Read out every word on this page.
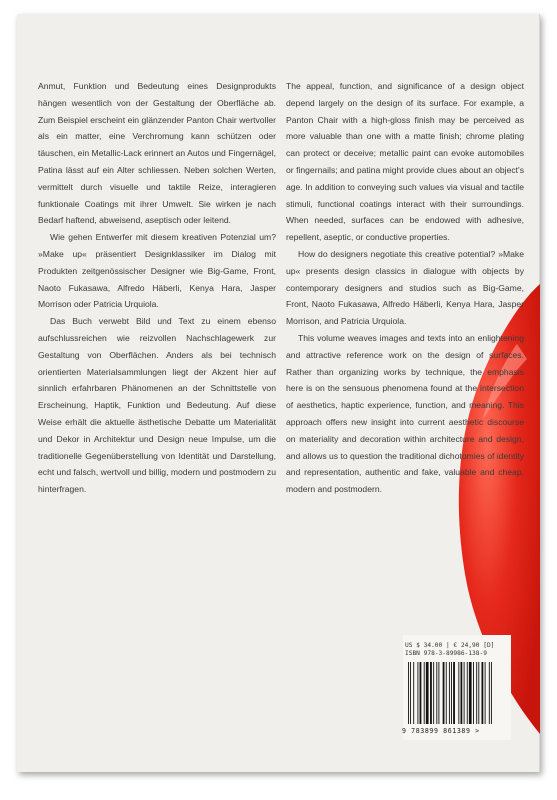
Anmut, Funktion und Bedeutung eines Designprodukts hängen wesentlich von der Gestaltung der Oberfläche ab. Zum Beispiel erscheint ein glänzender Panton Chair wertvoller als ein matter, eine Verchromung kann schützen oder täuschen, ein Metallic-Lack erinnert an Autos und Fingernägel, Patina lässt auf ein Alter schliessen. Neben solchen Werten, vermittelt durch visuelle und taktile Reize, interagieren funktionale Coatings mit ihrer Umwelt. Sie wirken je nach Bedarf haftend, abweisend, aseptisch oder leitend.

Wie gehen Entwerfer mit diesem kreativen Potenzial um? »Make up« präsentiert Designklassiker im Dialog mit Produkten zeitgenössischer Designer wie Big-Game, Front, Naoto Fukasawa, Alfredo Häberli, Kenya Hara, Jasper Morrison oder Patricia Urquiola.

Das Buch verwebt Bild und Text zu einem ebenso aufschlussreichen wie reizvollen Nachschlagewerk zur Gestaltung von Oberflächen. Anders als bei technisch orientierten Materialsammlungen liegt der Akzent hier auf sinnlich erfahrbaren Phänomenen an der Schnittstelle von Erscheinung, Haptik, Funktion und Bedeutung. Auf diese Weise erhält die aktuelle ästhetische Debatte um Materialität und Dekor in Architektur und Design neue Impulse, um die traditionelle Gegenüberstellung von Identität und Darstellung, echt und falsch, wertvoll und billig, modern und postmodern zu hinterfragen.

The appeal, function, and significance of a design object depend largely on the design of its surface. For example, a Panton Chair with a high-gloss finish may be perceived as more valuable than one with a matte finish; chrome plating can protect or deceive; metallic paint can evoke automobiles or fingernails; and patina might provide clues about an object's age. In addition to conveying such values via visual and tactile stimuli, functional coatings interact with their surroundings. When needed, surfaces can be endowed with adhesive, repellent, aseptic, or conductive properties.

How do designers negotiate this creative potential? »Make up« presents design classics in dialogue with objects by contemporary designers and studios such as Big-Game, Front, Naoto Fukasawa, Alfredo Häberli, Kenya Hara, Jasper Morrison, and Patricia Urquiola.

This volume weaves images and texts into an enlightening and attractive reference work on the design of surfaces. Rather than organizing works by technique, the emphasis here is on the sensuous phenomena found at the intersection of aesthetics, haptic experience, function, and meaning. This approach offers new insight into current aesthetic discourse on materiality and decoration within architecture and design, and allows us to question the traditional dichotomies of identity and representation, authentic and fake, valuable and cheap, modern and postmodern.

US $ 34.00 | € 24,90 [D]
ISBN 978-3-89986-138-9
9 783899 861389 >
